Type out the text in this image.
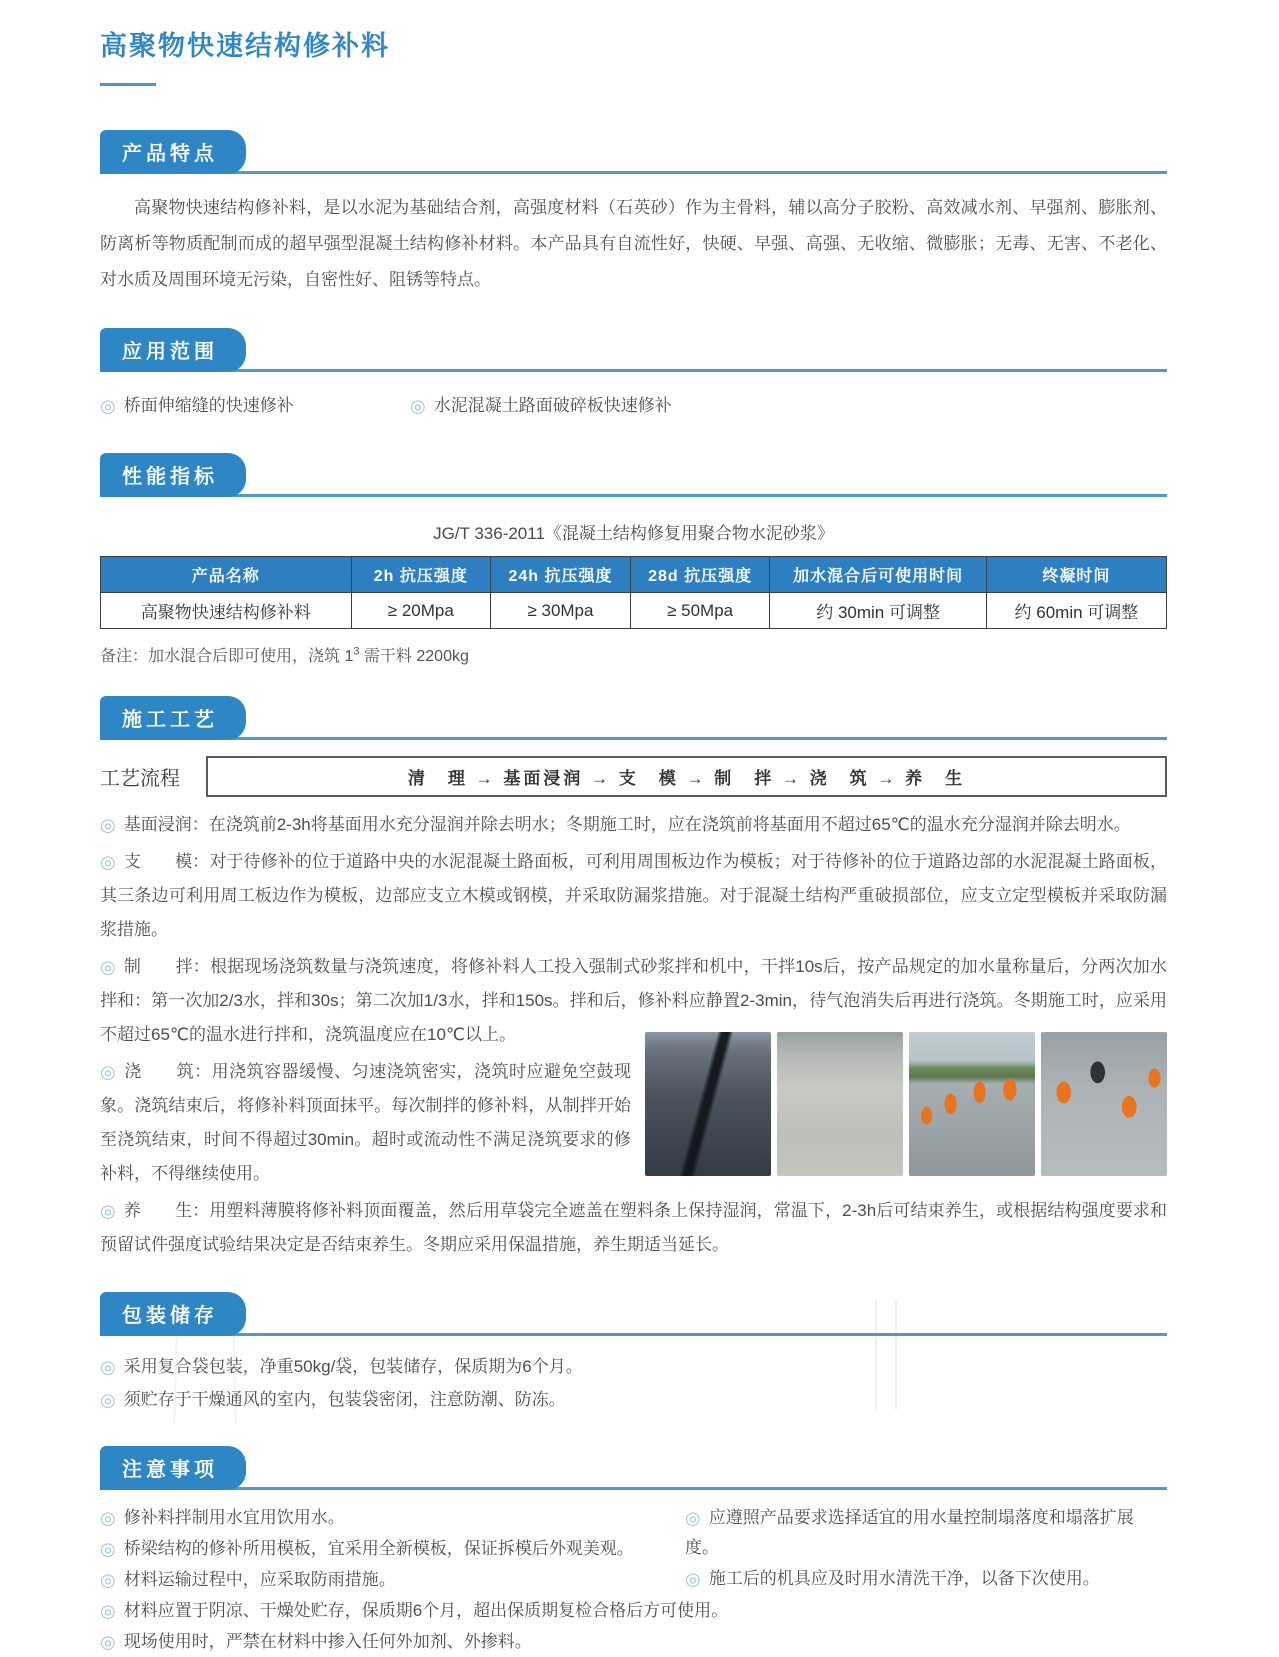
高聚物快速结构修补料
产品特点

高聚物快速结构修补料，是以水泥为基础结合剂，高强度材料（石英砂）作为主骨料，辅以高分子胶粉、高效减水剂、早强剂、膨胀剂、防离析等物质配制而成的超早强型混凝土结构修补材料。本产品具有自流性好，快硬、早强、高强、无收缩、微膨胀；无毒、无害、不老化、对水质及周围环境无污染，自密性好、阻锈等特点。

应用范围

◎ 桥面伸缩缝的快速修补	◎ 水泥混凝土路面破碎板快速修补

性能指标

JG/T 336-2011《混凝土结构修复用聚合物水泥砂浆》

产品名称	2h 抗压强度	24h 抗压强度	28d 抗压强度	加水混合后可使用时间	终凝时间
高聚物快速结构修补料	≥ 20Mpa	≥ 30Mpa	≥ 50Mpa	约 30min 可调整	约 60min 可调整

备注：加水混合后即可使用，浇筑 $1^3$ 需干料 2200kg

施工工艺
工艺流程	清　理 → 基面浸润 → 支　模 → 制　拌 → 浇　筑 → 养　生

◎ 基面浸润：在浇筑前2-3h将基面用水充分湿润并除去明水；冬期施工时，应在浇筑前将基面用不超过65℃的温水充分湿润并除去明水。

◎ 支　　模：对于待修补的位于道路中央的水泥混凝土路面板，可利用周围板边作为模板；对于待修补的位于道路边部的水泥混凝土路面板，其三条边可利用周工板边作为模板，边部应支立木模或钢模，并采取防漏浆措施。对于混凝土结构严重破损部位，应支立定型模板并采取防漏浆措施。

◎ 制　　拌：根据现场浇筑数量与浇筑速度，将修补料人工投入强制式砂浆拌和机中，干拌10s后，按产品规定的加水量称量后，分两次加水拌和：第一次加2/3水，拌和30s；第二次加1/3水，拌和150s。拌和后，修补料应静置2-3min，待气泡消失后再进行浇筑。冬期施工时，应采用不超过65℃的温水进行拌和，浇筑温度应在10℃以上。

◎ 浇　　筑：用浇筑容器缓慢、匀速浇筑密实，浇筑时应避免空鼓现象。浇筑结束后，将修补料顶面抹平。每次制拌的修补料，从制拌开始至浇筑结束，时间不得超过30min。超时或流动性不满足浇筑要求的修补料，不得继续使用。

◎ 养　　生：用塑料薄膜将修补料顶面覆盖，然后用草袋完全遮盖在塑料条上保持湿润，常温下，2-3h后可结束养生，或根据结构强度要求和预留试件强度试验结果决定是否结束养生。冬期应采用保温措施，养生期适当延长。

包装储存

◎ 采用复合袋包装，净重50kg/袋，包装储存，保质期为6个月。

◎ 须贮存于干燥通风的室内，包装袋密闭，注意防潮、防冻。

注意事项

◎ 修补料拌制用水宜用饮用水。

◎ 桥梁结构的修补所用模板，宜采用全新模板，保证拆模后外观美观。

◎ 材料运输过程中，应采取防雨措施。

◎ 材料应置于阴凉、干燥处贮存，保质期6个月，超出保质期复检合格后方可使用。

◎ 现场使用时，严禁在材料中掺入任何外加剂、外掺料。

◎ 应遵照产品要求选择适宜的用水量控制塌落度和塌落扩展度。

◎ 施工后的机具应及时用水清洗干净，以备下次使用。
